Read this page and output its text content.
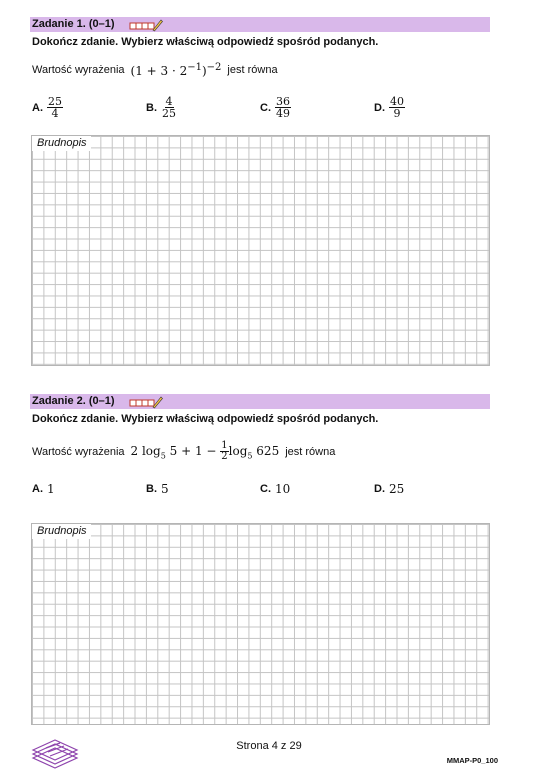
Zadanie 1. (0–1)
Dokończ zdanie. Wybierz właściwą odpowiedź spośród podanych.
Wartość wyrażenia $(1 + 3 \cdot 2^{-1})^{-2}$ jest równa
A. $\frac{25}{4}$	B. $\frac{4}{25}$	C. $\frac{36}{49}$	D. $\frac{40}{9}$
Brudnopis
Zadanie 2. (0–1)
Dokończ zdanie. Wybierz właściwą odpowiedź spośród podanych.
Wartość wyrażenia 2 $\log_5 5 + 1 - \frac{1}{2} \log_5 625$ jest równa
A. 1	B. 5	C. 10	D. 25
Brudnopis
Strona 4 z 29
MMAP-P0_100
